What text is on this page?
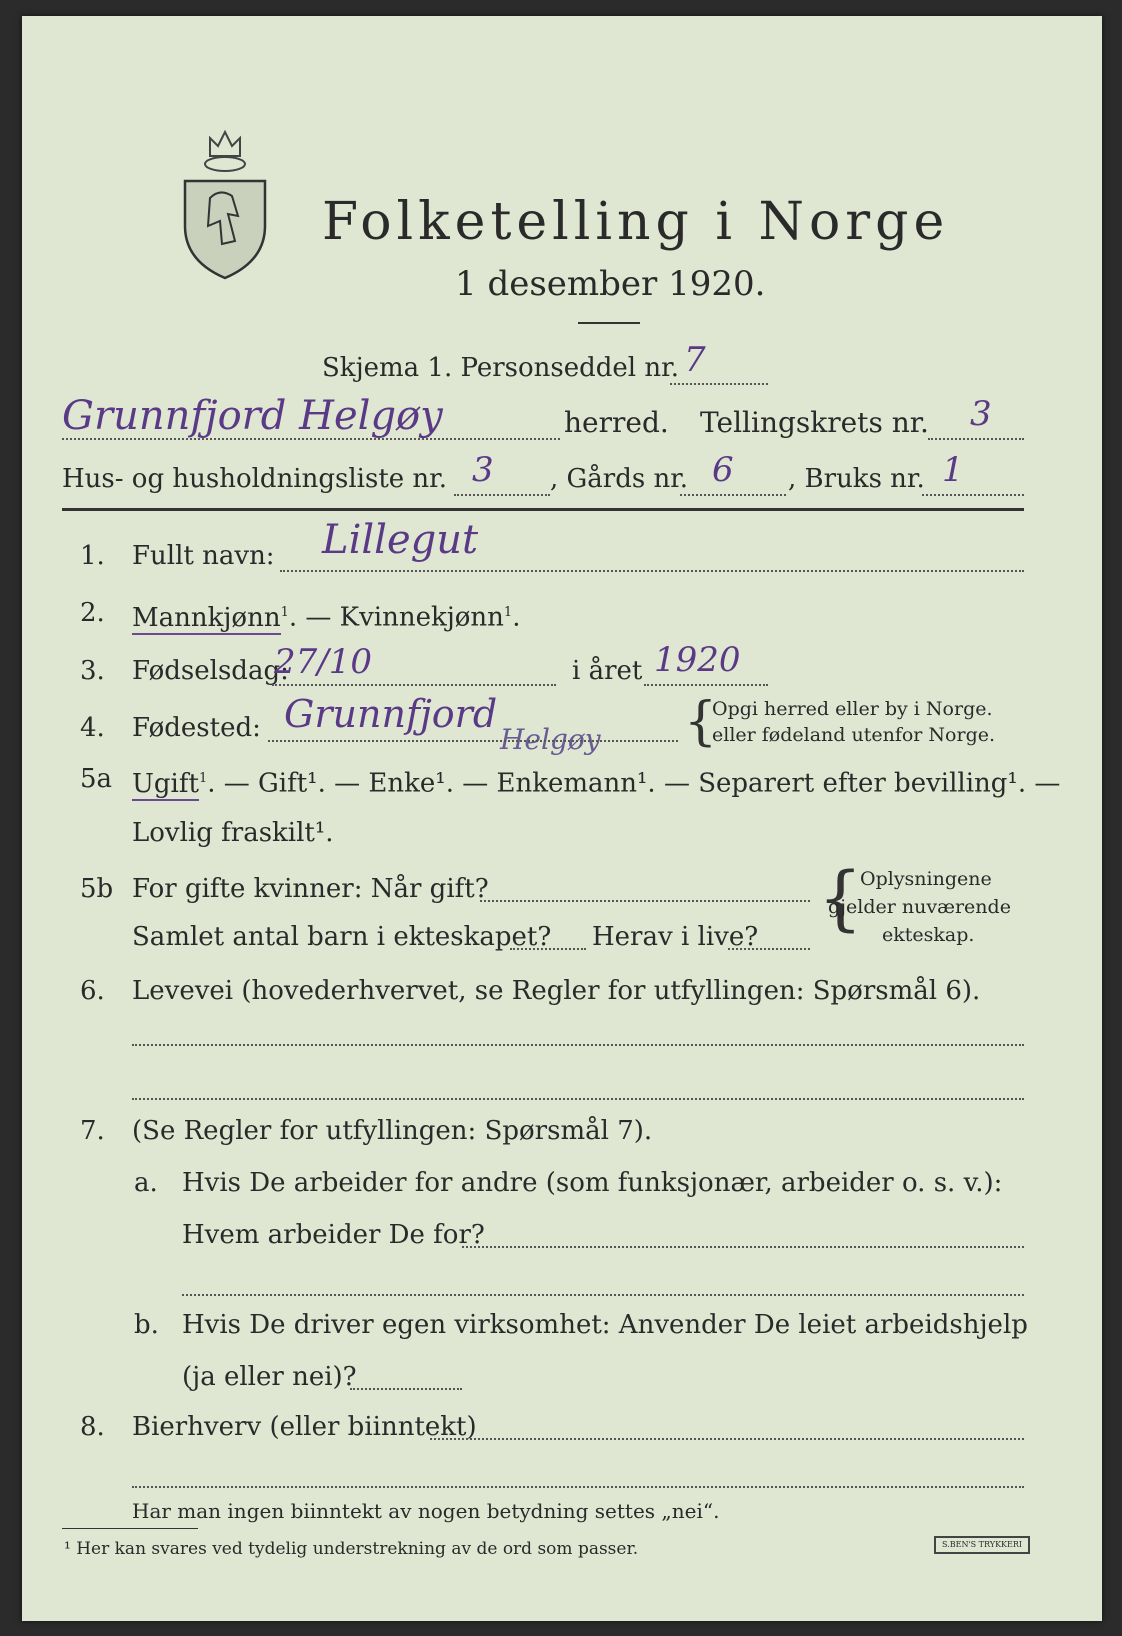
Folketelling i Norge
1 desember 1920.
Skjema 1. Personseddel nr. 7
Grunnfjord Helgøy	herred. Tellingskrets nr. 3
Hus- og husholdningsliste nr. 3 , Gårds nr. 6 , Bruks nr. 1
1. Fullt navn: Lillegut
2. Mannkjønn$^1$. — Kvinnekjønn$^1$.
3. Fødselsdag:
27/10	i året 1920
4. Fødested: Grunnfjord
Helgøy {
Opgi herred eller by i Norge.
eller fødeland utenfor Norge.
5a Ugift$^1$. — Gift¹. — Enke¹. — Enkemann¹. — Separert efter bevilling¹. —
Lovlig fraskilt¹.
5b For gifte kvinner: Når gift?
Samlet antal barn i ekteskapet? Herav i live? {
Oplysningene
gjelder nuværende
ekteskap.
6. Levevei (hovederhvervet, se Regler for utfyllingen: Spørsmål 6).
7. (Se Regler for utfyllingen: Spørsmål 7).
a. Hvis De arbeider for andre (som funksjonær, arbeider o. s. v.):
Hvem arbeider De for?
b. Hvis De driver egen virksomhet: Anvender De leiet arbeidshjelp
(ja eller nei)?
8. Bierhverv (eller biinntekt)
Har man ingen biinntekt av nogen betydning settes „nei“.
¹ Her kan svares ved tydelig understrekning av de ord som passer.	S.BEN'S TRYKKERI
